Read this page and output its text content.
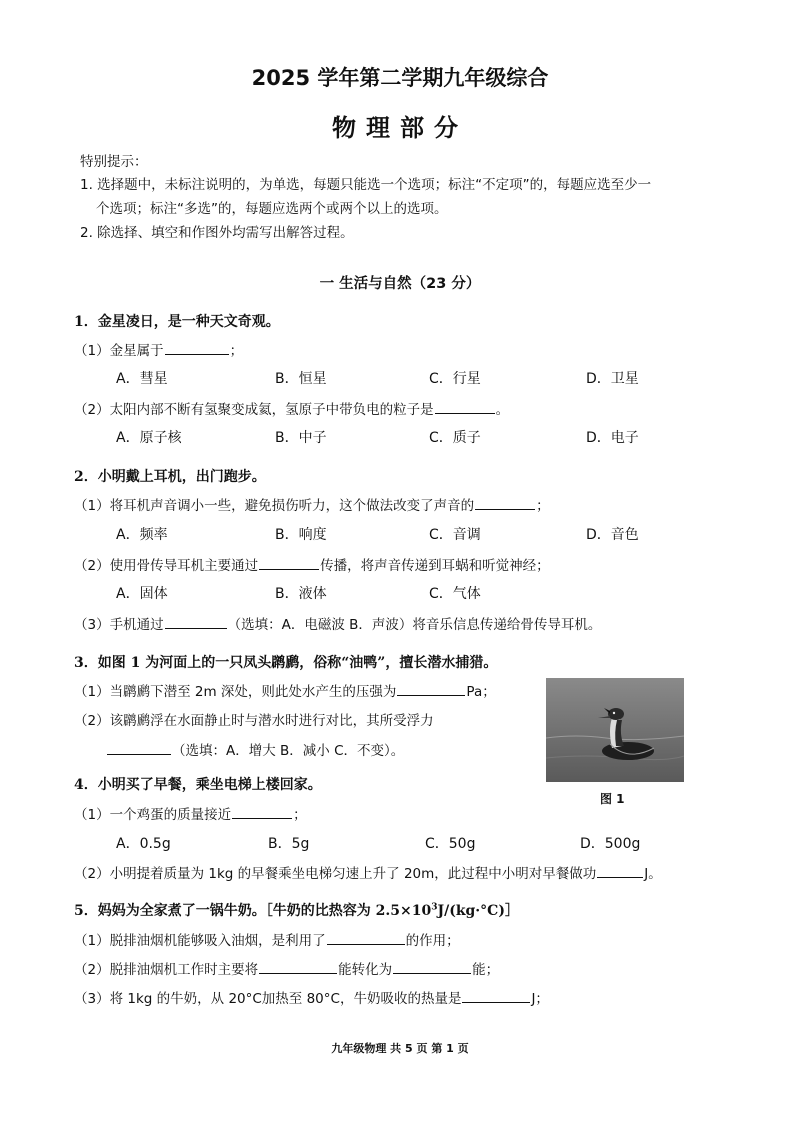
2025 学年第二学期九年级综合
物理部分
特别提示：
1. 选择题中，未标注说明的，为单选，每题只能选一个选项；标注“不定项”的，每题应选至少一
个选项；标注“多选”的，每题应选两个或两个以上的选项。
2. 除选择、填空和作图外均需写出解答过程。
一 生活与自然（23 分）
1．金星凌日，是一种天文奇观。
（1）金星属于	；
A．彗星	B．恒星	C．行星	D．卫星
（2）太阳内部不断有氢聚变成氦，氢原子中带负电的粒子是	。
A．原子核	B．中子	C．质子	D．电子
2．小明戴上耳机，出门跑步。
（1）将耳机声音调小一些，避免损伤听力，这个做法改变了声音的	；
A．频率	B．响度	C．音调	D．音色
（2）使用骨传导耳机主要通过	传播，将声音传递到耳蜗和听觉神经；
A．固体	B．液体	C．气体
（3）手机通过	（选填：A．电磁波 B．声波）将音乐信息传递给骨传导耳机。
3．如图 1 为河面上的一只凤头䴙䴘，俗称“油鸭”，擅长潜水捕猎。
（1）当䴙䴘下潜至 2m 深处，则此处水产生的压强为	Pa；
（2）该䴙䴘浮在水面静止时与潜水时进行对比，其所受浮力
（选填：A．增大 B．减小 C．不变）。
图 1
4．小明买了早餐，乘坐电梯上楼回家。
（1）一个鸡蛋的质量接近	；
A．0.5g	B．5g	C．50g	D．500g
（2）小明提着质量为 1kg 的早餐乘坐电梯匀速上升了 20m，此过程中小明对早餐做功	J。
5．妈妈为全家煮了一锅牛奶。［牛奶的比热容为 $2.5\times 10^3J/(kg\cdot^\circ C)]$
（1）脱排油烟机能够吸入油烟，是利用了	的作用；
（2）脱排油烟机工作时主要将	能转化为	能；
（3）将 1kg 的牛奶，从 20°C加热至 80°C，牛奶吸收的热量是	J；
九年级物理 共 5 页 第 1 页
